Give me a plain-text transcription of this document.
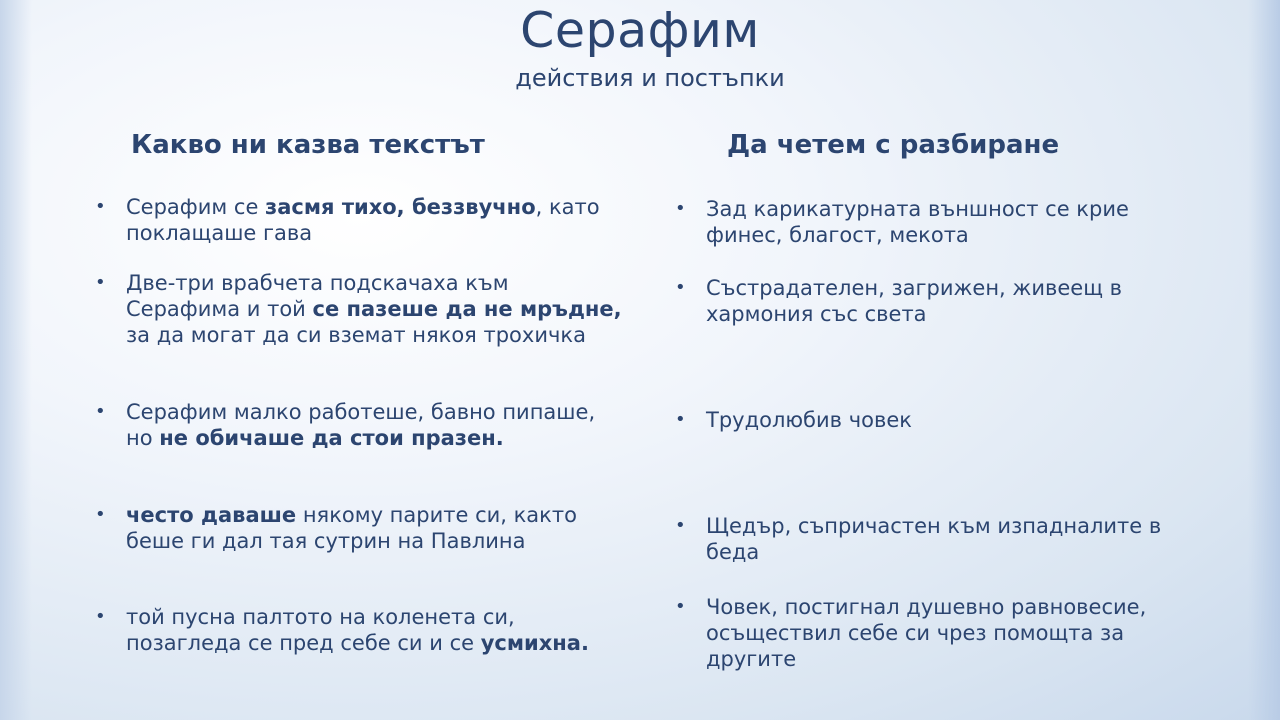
Серафим
действия и постъпки
Какво ни казва текстът	Да четем с разбиране
• Серафим се засмя тихо, беззвучно, като поклащаше гава
• Две-три врабчета подскачаха към Серафима и той се пазеше да не мръдне, за да могат да си вземат някоя трохичка
• Серафим малко работеше, бавно пипаше, но не обичаше да стои празен.
• често даваше някому парите си, както беше ги дал тая сутрин на Павлина
• той пусна палтото на коленета си, позагледа се пред себе си и се усмихна.
• Зад карикатурната външност се крие финес, благост, мекота
• Състрадателен, загрижен, живеещ в хармония със света
• Трудолюбив човек
• Щедър, съпричастен към изпадналите в беда
• Човек, постигнал душевно равновесие, осъществил себе си чрез помощта за другите
